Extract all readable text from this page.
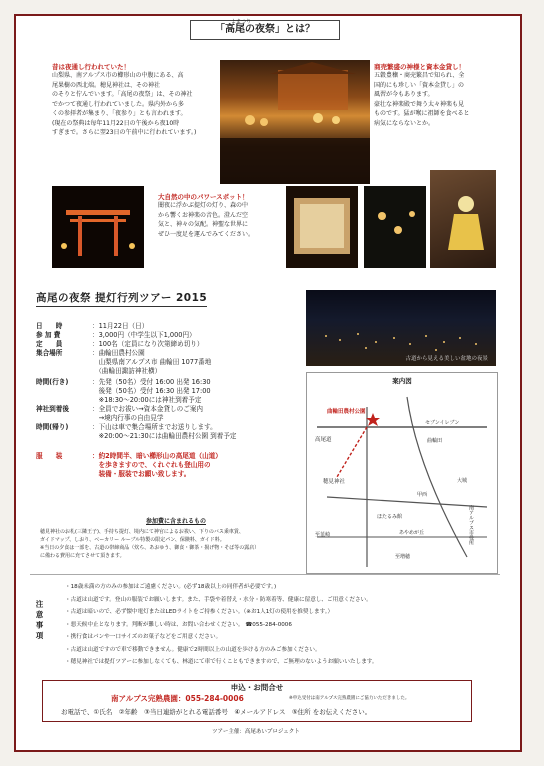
よまつり
「高尾の夜祭」とは？
昔は夜通し行われていた！
山梨県、南アルプス市の櫛形山の中腹にある、高
尾果樹の西北端。穂見神社は、その神社
のそりと佇んでいます。「高尾の夜祭」は、その神社
でかつて夜通し行われていました。県内外から多
くの参拝者が集まり、「夜参り」とも言われます。
(現在の祭典は毎年11月22日の午後から夜10時
すぎまで。さらに翌23日の午前中に行われています。)
商売繁盛の神様と資本金貸し！
五穀豊穣・商売繁昌で知られ、全
国的にも珍しい「資本金貸し」の
風習が今もあります。
豪壮な神楽殿で舞う太々神楽も見
ものです。猛が喉に祖師を食べると
病気にならないとか。
大自然の中のパワースポット！
闇夜に浮かぶ提灯の灯り、森の中
から響くお神楽の音色。澄んだ空
気と、神々の気配。神聖な世界に
ぜひ一度足を運んでみてください。
高尾の夜祭 提灯行列ツアー 2015
日　　時	：11月22日（日）
参 加 費	：3,000円（中学生以下1,000円）
定　　員	：100名（定員になり次第締め切り）
集合場所	：曲輪田農村公園
　山梨県南アルプス市 曲輪田 1077番地
　（曲輪田諏訪神社横）
時間(行き)	：先発（50名）受付 16:00 出発 16:30
　後発（50名）受付 16:30 出発 17:00
　※18:30～20:00には神社到着予定
神社到着後	：全員でお祓い→資本金貸しのご案内
　→境内行事の自由見学
時間(帰り)	：下山は車で集合場所までお送りします。
　※20:00～21:30には曲輪田農村公園 到着予定
服　　装	：約2時間半、暗い櫛形山の高尾道（山道）
　を歩きますので、くれぐれも登山用の
　装備・服装でお願い致します。
参加費に含まれるもの
穂見神社のお札(三隣王子)、手持ち提灯、境内にて神官によるお祓い、下りのバス乗車賃、
ガイドマップ、しおり、ベーカリー ルーブル特製の限定パン、保険料、ガイド料。
※当日の夕食は一部を、古道の帯締商品（炊ち、あおゆう、御食・御茶・揚げ物・そば等の露店）
に備わる費用に充てさせて頂きます。
古道から見える美しい盆地の夜景
案内図
曲輪田農村公園
高尾道
穂見神社
セブンイレブン
曲輪田
南アルプス市役所
ほたるみ館
甲西
至韮崎
至増穂
あやめが丘
大城
注意事項
・18歳未満の方のみの参加はご遠慮ください。(必ず18歳以上の同伴者が必要です。)
・古道は山道です。登山の服装でお願いします。また、手袋や着替え・水分・防寒着等、健康に留意し、ご用意ください。
・古道は暗いので、必ず懐中電灯またはLEDライトをご持参ください。（※お1人1灯の使用を推奨します。）
・悪天候中止となります。判断が難しい時は、お問い合わせください。 ☎055-284-0006
・携行食はパンや一口サイズのお菓子などをご用意ください。
・古道は山道ですので車で移動できません。健康で2時間以上の山道を歩ける方のみご参加ください。
・穂見神社では提灯ツアーに参加しなくても、林道にて車で行くこともできますので、ご無理のないようお願いいたします。
申込・お問合せ
南アルプス完熟農園：055-284-0006	※申込受付は南アルプス完熟農園にご協力いただきました。
お電話で、①氏名　②年齢　③当日連絡がとれる電話番号　④メールアドレス　⑤住所 をお伝えください。
ツアー主催：高尾あいプロジェクト
